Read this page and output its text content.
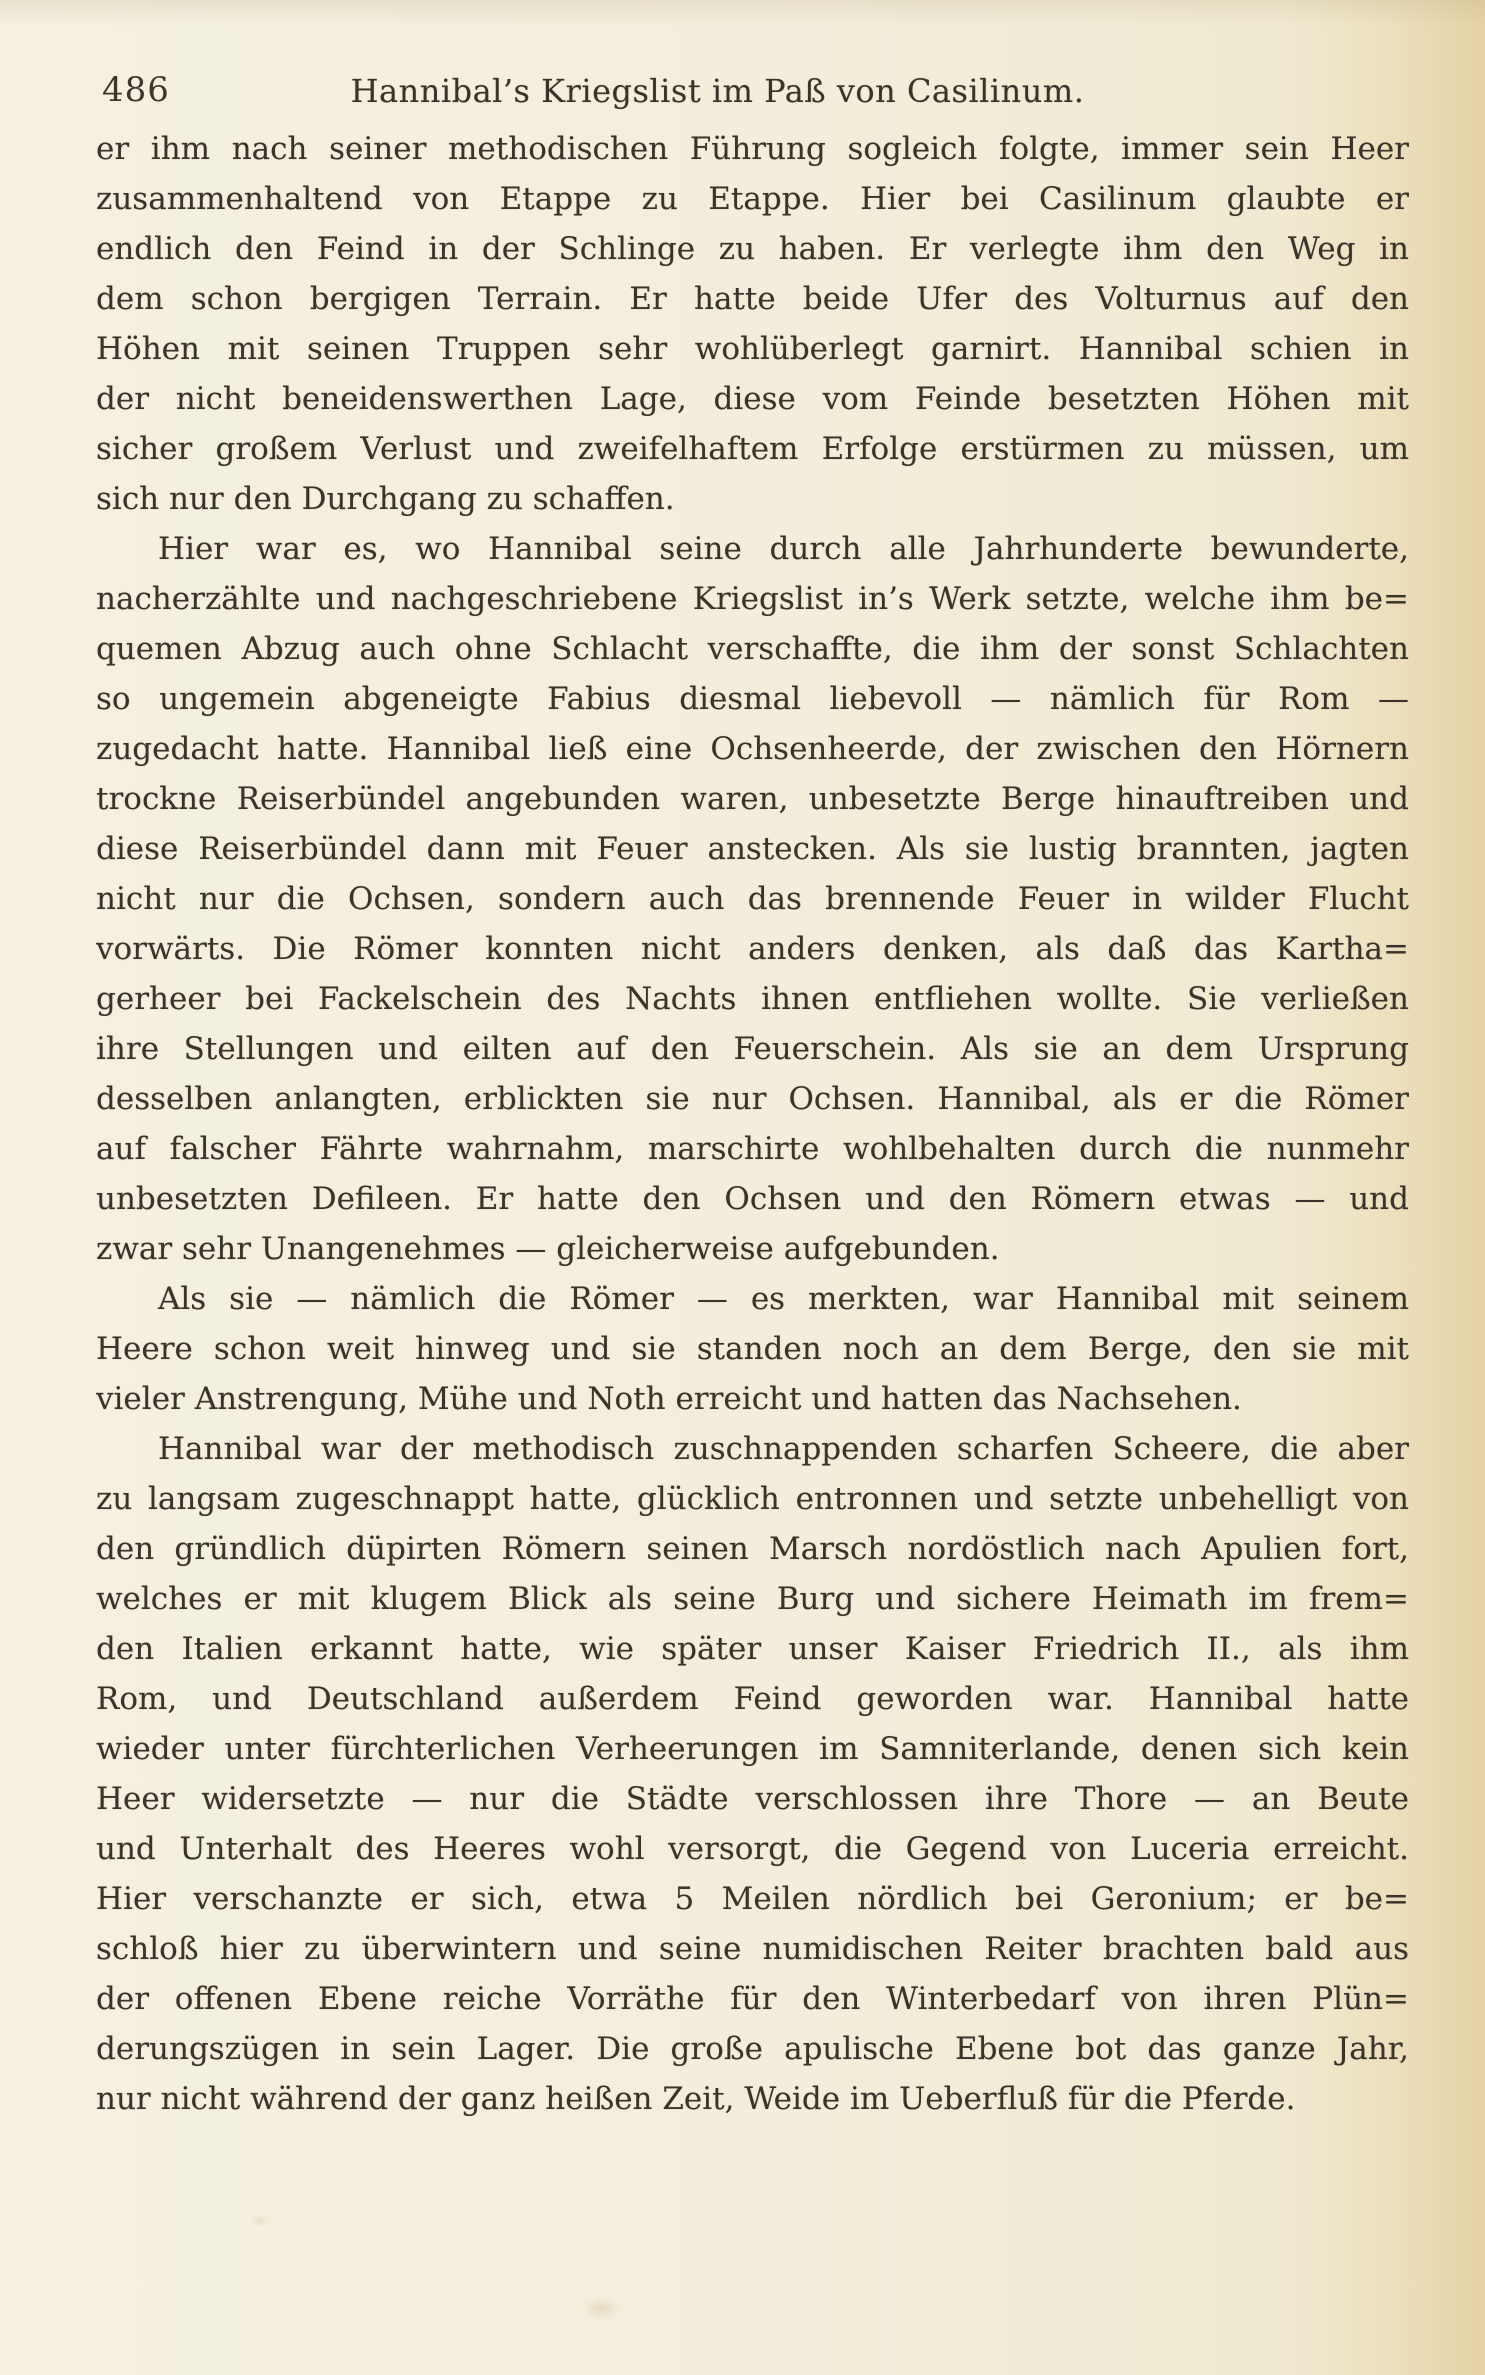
486	Hannibal’s Kriegslist im Paß von Casilinum.
er ihm nach seiner methodischen Führung sogleich folgte, immer sein Heer
zusammenhaltend von Etappe zu Etappe. Hier bei Casilinum glaubte er
endlich den Feind in der Schlinge zu haben. Er verlegte ihm den Weg in
dem schon bergigen Terrain. Er hatte beide Ufer des Volturnus auf den
Höhen mit seinen Truppen sehr wohlüberlegt garnirt. Hannibal schien in
der nicht beneidenswerthen Lage, diese vom Feinde besetzten Höhen mit
sicher großem Verlust und zweifelhaftem Erfolge erstürmen zu müssen, um
sich nur den Durchgang zu schaffen.
Hier war es, wo Hannibal seine durch alle Jahrhunderte bewunderte,
nacherzählte und nachgeschriebene Kriegslist in’s Werk setzte, welche ihm be=
quemen Abzug auch ohne Schlacht verschaffte, die ihm der sonst Schlachten
so ungemein abgeneigte Fabius diesmal liebevoll — nämlich für Rom —
zugedacht hatte. Hannibal ließ eine Ochsenheerde, der zwischen den Hörnern
trockne Reiserbündel angebunden waren, unbesetzte Berge hinauftreiben und
diese Reiserbündel dann mit Feuer anstecken. Als sie lustig brannten, jagten
nicht nur die Ochsen, sondern auch das brennende Feuer in wilder Flucht
vorwärts. Die Römer konnten nicht anders denken, als daß das Kartha=
gerheer bei Fackelschein des Nachts ihnen entfliehen wollte. Sie verließen
ihre Stellungen und eilten auf den Feuerschein. Als sie an dem Ursprung
desselben anlangten, erblickten sie nur Ochsen. Hannibal, als er die Römer
auf falscher Fährte wahrnahm, marschirte wohlbehalten durch die nunmehr
unbesetzten Defileen. Er hatte den Ochsen und den Römern etwas — und
zwar sehr Unangenehmes — gleicherweise aufgebunden.
Als sie — nämlich die Römer — es merkten, war Hannibal mit seinem
Heere schon weit hinweg und sie standen noch an dem Berge, den sie mit
vieler Anstrengung, Mühe und Noth erreicht und hatten das Nachsehen.
Hannibal war der methodisch zuschnappenden scharfen Scheere, die aber
zu langsam zugeschnappt hatte, glücklich entronnen und setzte unbehelligt von
den gründlich düpirten Römern seinen Marsch nordöstlich nach Apulien fort,
welches er mit klugem Blick als seine Burg und sichere Heimath im frem=
den Italien erkannt hatte, wie später unser Kaiser Friedrich II., als ihm
Rom, und Deutschland außerdem Feind geworden war. Hannibal hatte
wieder unter fürchterlichen Verheerungen im Samniterlande, denen sich kein
Heer widersetzte — nur die Städte verschlossen ihre Thore — an Beute
und Unterhalt des Heeres wohl versorgt, die Gegend von Luceria erreicht.
Hier verschanzte er sich, etwa 5 Meilen nördlich bei Geronium; er be=
schloß hier zu überwintern und seine numidischen Reiter brachten bald aus
der offenen Ebene reiche Vorräthe für den Winterbedarf von ihren Plün=
derungszügen in sein Lager. Die große apulische Ebene bot das ganze Jahr,
nur nicht während der ganz heißen Zeit, Weide im Ueberfluß für die Pferde.
